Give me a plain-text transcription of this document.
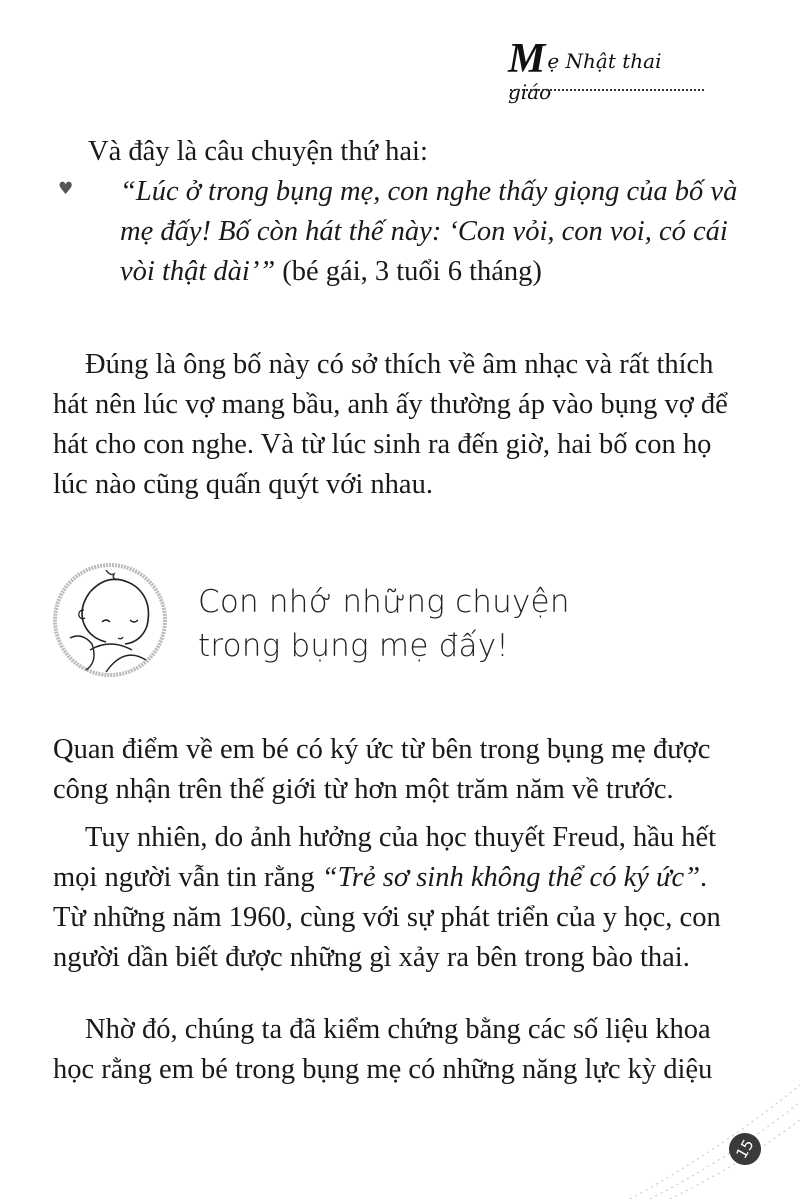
Mẹ Nhật thai giáo

Và đây là câu chuyện thứ hai:

♥ “Lúc ở trong bụng mẹ, con nghe thấy giọng của bố và mẹ đấy! Bố còn hát thế này: ‘Con vỏi, con voi, có cái vòi thật dài’” (bé gái, 3 tuổi 6 tháng)

Đúng là ông bố này có sở thích về âm nhạc và rất thích hát nên lúc vợ mang bầu, anh ấy thường áp vào bụng vợ để hát cho con nghe. Và từ lúc sinh ra đến giờ, hai bố con họ lúc nào cũng quấn quýt với nhau.

Con nhớ những chuyện
trong bụng mẹ đấy!

Quan điểm về em bé có ký ức từ bên trong bụng mẹ được công nhận trên thế giới từ hơn một trăm năm về trước.

Tuy nhiên, do ảnh hưởng của học thuyết Freud, hầu hết mọi người vẫn tin rằng “Trẻ sơ sinh không thể có ký ức”. Từ những năm 1960, cùng với sự phát triển của y học, con người dần biết được những gì xảy ra bên trong bào thai.

Nhờ đó, chúng ta đã kiểm chứng bằng các số liệu khoa học rằng em bé trong bụng mẹ có những năng lực kỳ diệu

15
